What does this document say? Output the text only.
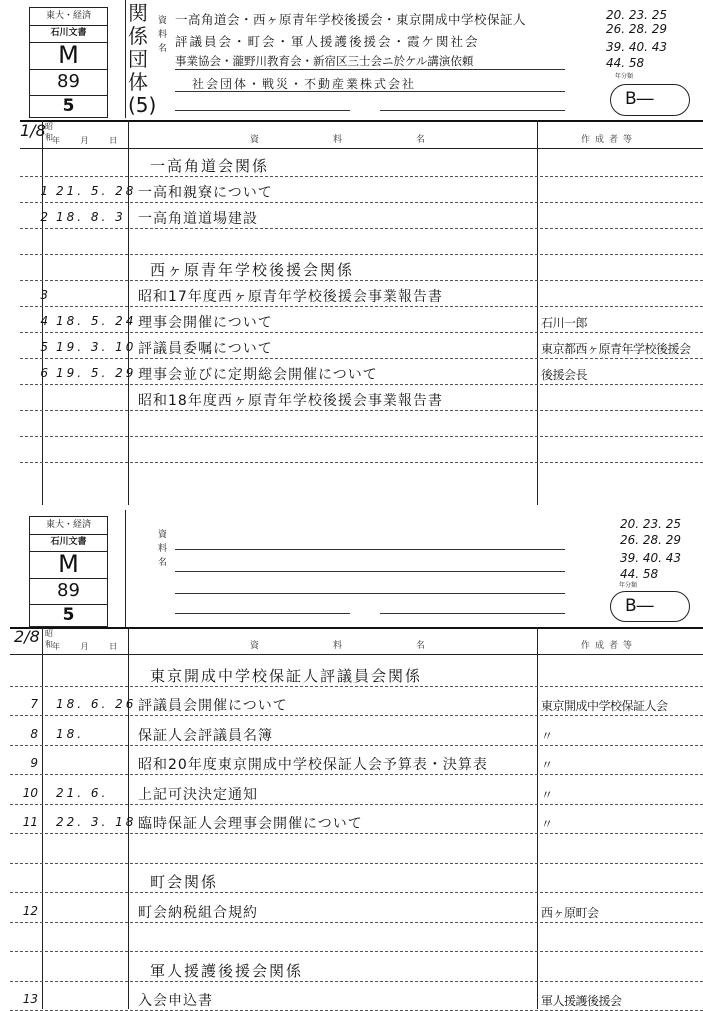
東大・経済
石川文書
M
89
5
関係団体(5)
資料名
一高角道会・西ヶ原青年学校後援会・東京開成中学校保証人
評議員会・町会・軍人援護後援会・霞ケ関社会
事業協会・瀧野川教育会・新宿区三士会ニ於ケル講演依頼
社会団体・戦災・不動産業株式会社
20. 23. 25
26. 28. 29
39. 40. 43
44. 58
年分類
B―
1/8 昭和 年 月 日	資料名	作成者等
一高角道会関係
1 21. 5. 28 一高和親寮について
2 18. 8. 3 一高角道道場建設
西ヶ原青年学校後援会関係
3	昭和17年度西ヶ原青年学校後援会事業報告書
4 18. 5. 24 理事会開催について	石川一郎
5 19. 3. 10 評議員委嘱について	東京都西ヶ原青年学校後援会
6 19. 5. 29 理事会並びに定期総会開催について	後援会長
昭和18年度西ヶ原青年学校後援会事業報告書
東大・経済
石川文書
M
89
5
資料名
20. 23. 25
26. 28. 29
39. 40. 43
44. 58
年分類
B―
2/8 昭和 年 月 日	資料名	作成者等
東京開成中学校保証人評議員会関係
7 18. 6. 26 評議員会開催について	東京開成中学校保証人会
8 18.	保証人会評議員名簿	〃
9	昭和20年度東京開成中学校保証人会予算表・決算表	〃
10 21. 6. 上記可決決定通知	〃
11 22. 3. 18 臨時保証人会理事会開催について	〃
町会関係
12	町会納税組合規約	西ヶ原町会
軍人援護後援会関係
13	入会申込書	軍人援護後援会
